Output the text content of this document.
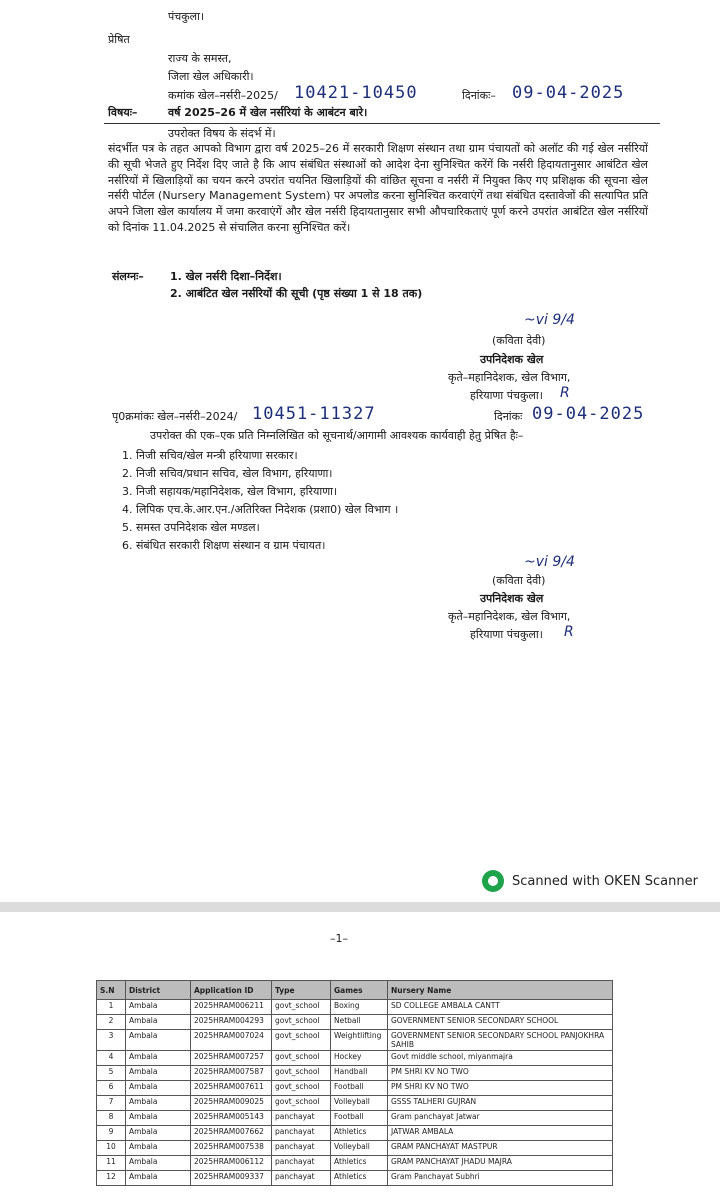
पंचकुला।
प्रेषित
राज्य के समस्त,
जिला खेल अधिकारी।
कमांक खेल–नर्सरी–2025/ 10421-10450	दिनांकः– 09-04-2025
विषयः–	वर्ष 2025–26 में खेल नर्सरियां के आबंटन बारे।
उपरोक्त विषय के संदर्भ में।
संदर्भीत पत्र के तहत आपको विभाग द्वारा वर्ष 2025–26 में सरकारी शिक्षण संस्थान तथा ग्राम पंचायतों को अलॉट की गई खेल नर्सरियों की सूची भेजते हुए निर्देश दिए जाते है कि आप संबंधित संस्थाओं को आदेश देना सुनिश्चित करेंगें कि नर्सरी हिदायतानुसार आबंटित खेल नर्सरियों में खिलाड़ियों का चयन करने उपरांत चयनित खिलाड़ियों की वांछित सूचना व नर्सरी में नियुक्त किए गए प्रशिक्षक की सूचना खेल नर्सरी पोर्टल (Nursery Management System) पर अपलोड करना सुनिश्चित करवाएंगें तथा संबंधित दस्तावेजों की सत्यापित प्रति अपने जिला खेल कार्यालय में जमा करवाएंगें और खेल नर्सरी हिदायतानुसार सभी औपचारिकताएं पूर्ण करने उपरांत आबंटित खेल नर्सरियों को दिनांक 11.04.2025 से संचालित करना सुनिश्चित करें।
संलग्नः– 1. खेल नर्सरी दिशा–निर्देश।
2. आबंटित खेल नर्सरियों की सूची (पृष्ठ संख्या 1 से 18 तक)
~vi 9/4
(कविता देवी)
उपनिदेशक खेल
कृते–महानिदेशक, खेल विभाग,
हरियाणा पंचकुला। R
पृ0क्रमांकः खेल–नर्सरी–2024/ 10451-11327	दिनांकः 09-04-2025
उपरोक्त की एक–एक प्रति निम्नलिखित को सूचनार्थ/आगामी आवश्यक कार्यवाही हेतु प्रेषित हैः–
1. निजी सचिव/खेल मन्त्री हरियाणा सरकार।
2. निजी सचिव/प्रधान सचिव, खेल विभाग, हरियाणा।
3. निजी सहायक/महानिदेशक, खेल विभाग, हरियाणा।
4. लिपिक एच.के.आर.एन./अतिरिक्त निदेशक (प्रशा0) खेल विभाग ।
5. समस्त उपनिदेशक खेल मण्डल।
6. संबंधित सरकारी शिक्षण संस्थान व ग्राम पंचायत।
~vi 9/4
(कविता देवी)
उपनिदेशक खेल
कृते–महानिदेशक, खेल विभाग,
हरियाणा पंचकुला। R
Scanned with OKEN Scanner
–1–
S.N	District	Application ID	Type	Games	Nursery Name
1	Ambala	2025HRAM006211	govt_school	Boxing	SD COLLEGE AMBALA CANTT
2	Ambala	2025HRAM004293	govt_school	Netball	GOVERNMENT SENIOR SECONDARY SCHOOL
3	Ambala	2025HRAM007024	govt_school	Weightlifting	GOVERNMENT SENIOR SECONDARY SCHOOL PANJOKHRA SAHIB
4	Ambala	2025HRAM007257	govt_school	Hockey	Govt middle school, miyanmajra
5	Ambala	2025HRAM007587	govt_school	Handball	PM SHRI KV NO TWO
6	Ambala	2025HRAM007611	govt_school	Football	PM SHRI KV NO TWO
7	Ambala	2025HRAM009025	govt_school	Volleyball	GSSS TALHERI GUJRAN
8	Ambala	2025HRAM005143	panchayat	Football	Gram panchayat Jatwar
9	Ambala	2025HRAM007662	panchayat	Athletics	JATWAR AMBALA
10	Ambala	2025HRAM007538	panchayat	Volleyball	GRAM PANCHAYAT MASTPUR
11	Ambala	2025HRAM006112	panchayat	Athletics	GRAM PANCHAYAT JHADU MAJRA
12	Ambala	2025HRAM009337	panchayat	Athletics	Gram Panchayat Subhri
